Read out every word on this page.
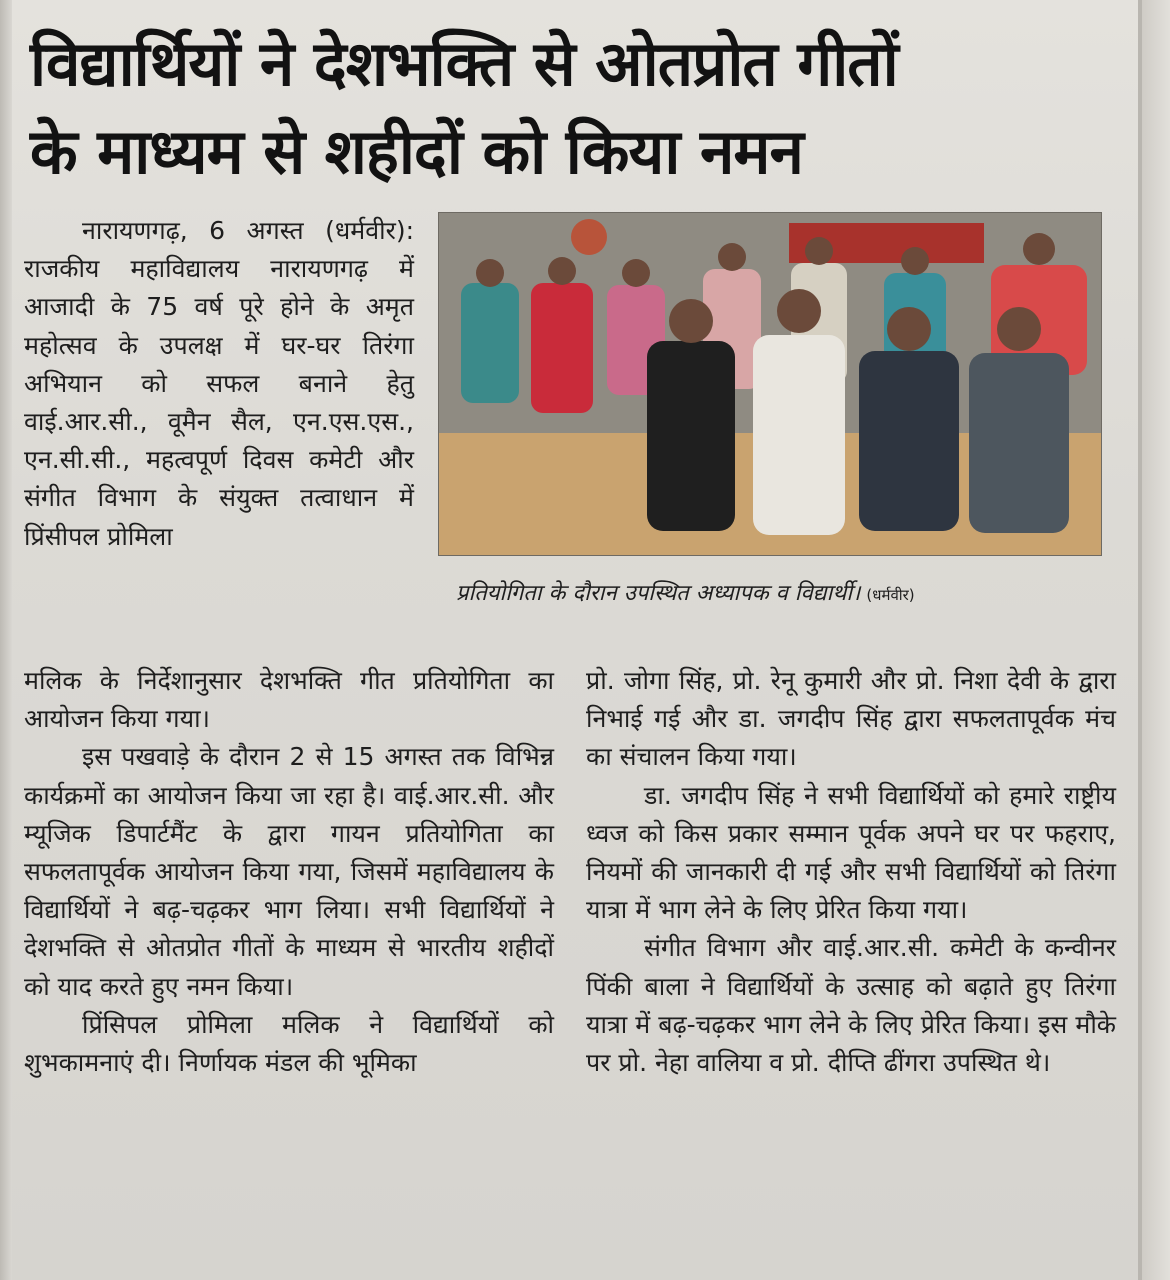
विद्यार्थियों ने देशभक्ति से ओतप्रोत गीतों
के माध्यम से शहीदों को किया नमन

नारायणगढ़, 6 अगस्त (धर्मवीर): राजकीय महाविद्यालय नारायणगढ़ में आजादी के 75 वर्ष पूरे होने के अमृत महोत्सव के उपलक्ष में घर-घर तिरंगा अभियान को सफल बनाने हेतु वाई.आर.सी., वूमैन सैल, एन.एस.एस., एन.सी.सी., महत्वपूर्ण दिवस कमेटी और संगीत विभाग के संयुक्त तत्वाधान में प्रिंसीपल प्रोमिला

प्रतियोगिता के दौरान उपस्थित अध्यापक व विद्यार्थी। (धर्मवीर)

मलिक के निर्देशानुसार देशभक्ति गीत प्रतियोगिता का आयोजन किया गया।

इस पखवाड़े के दौरान 2 से 15 अगस्त तक विभिन्न कार्यक्रमों का आयोजन किया जा रहा है। वाई.आर.सी. और म्यूजिक डिपार्टमैंट के द्वारा गायन प्रतियोगिता का सफलतापूर्वक आयोजन किया गया, जिसमें महाविद्यालय के विद्यार्थियों ने बढ़-चढ़कर भाग लिया। सभी विद्यार्थियों ने देशभक्ति से ओतप्रोत गीतों के माध्यम से भारतीय शहीदों को याद करते हुए नमन किया।

प्रिंसिपल प्रोमिला मलिक ने विद्यार्थियों को शुभकामनाएं दी। निर्णायक मंडल की भूमिका

प्रो. जोगा सिंह, प्रो. रेनू कुमारी और प्रो. निशा देवी के द्वारा निभाई गई और डा. जगदीप सिंह द्वारा सफलतापूर्वक मंच का संचालन किया गया।

डा. जगदीप सिंह ने सभी विद्यार्थियों को हमारे राष्ट्रीय ध्वज को किस प्रकार सम्मान पूर्वक अपने घर पर फहराए, नियमों की जानकारी दी गई और सभी विद्यार्थियों को तिरंगा यात्रा में भाग लेने के लिए प्रेरित किया गया।

संगीत विभाग और वाई.आर.सी. कमेटी के कन्वीनर पिंकी बाला ने विद्यार्थियों के उत्साह को बढ़ाते हुए तिरंगा यात्रा में बढ़-चढ़कर भाग लेने के लिए प्रेरित किया। इस मौके पर प्रो. नेहा वालिया व प्रो. दीप्ति ढींगरा उपस्थित थे।
